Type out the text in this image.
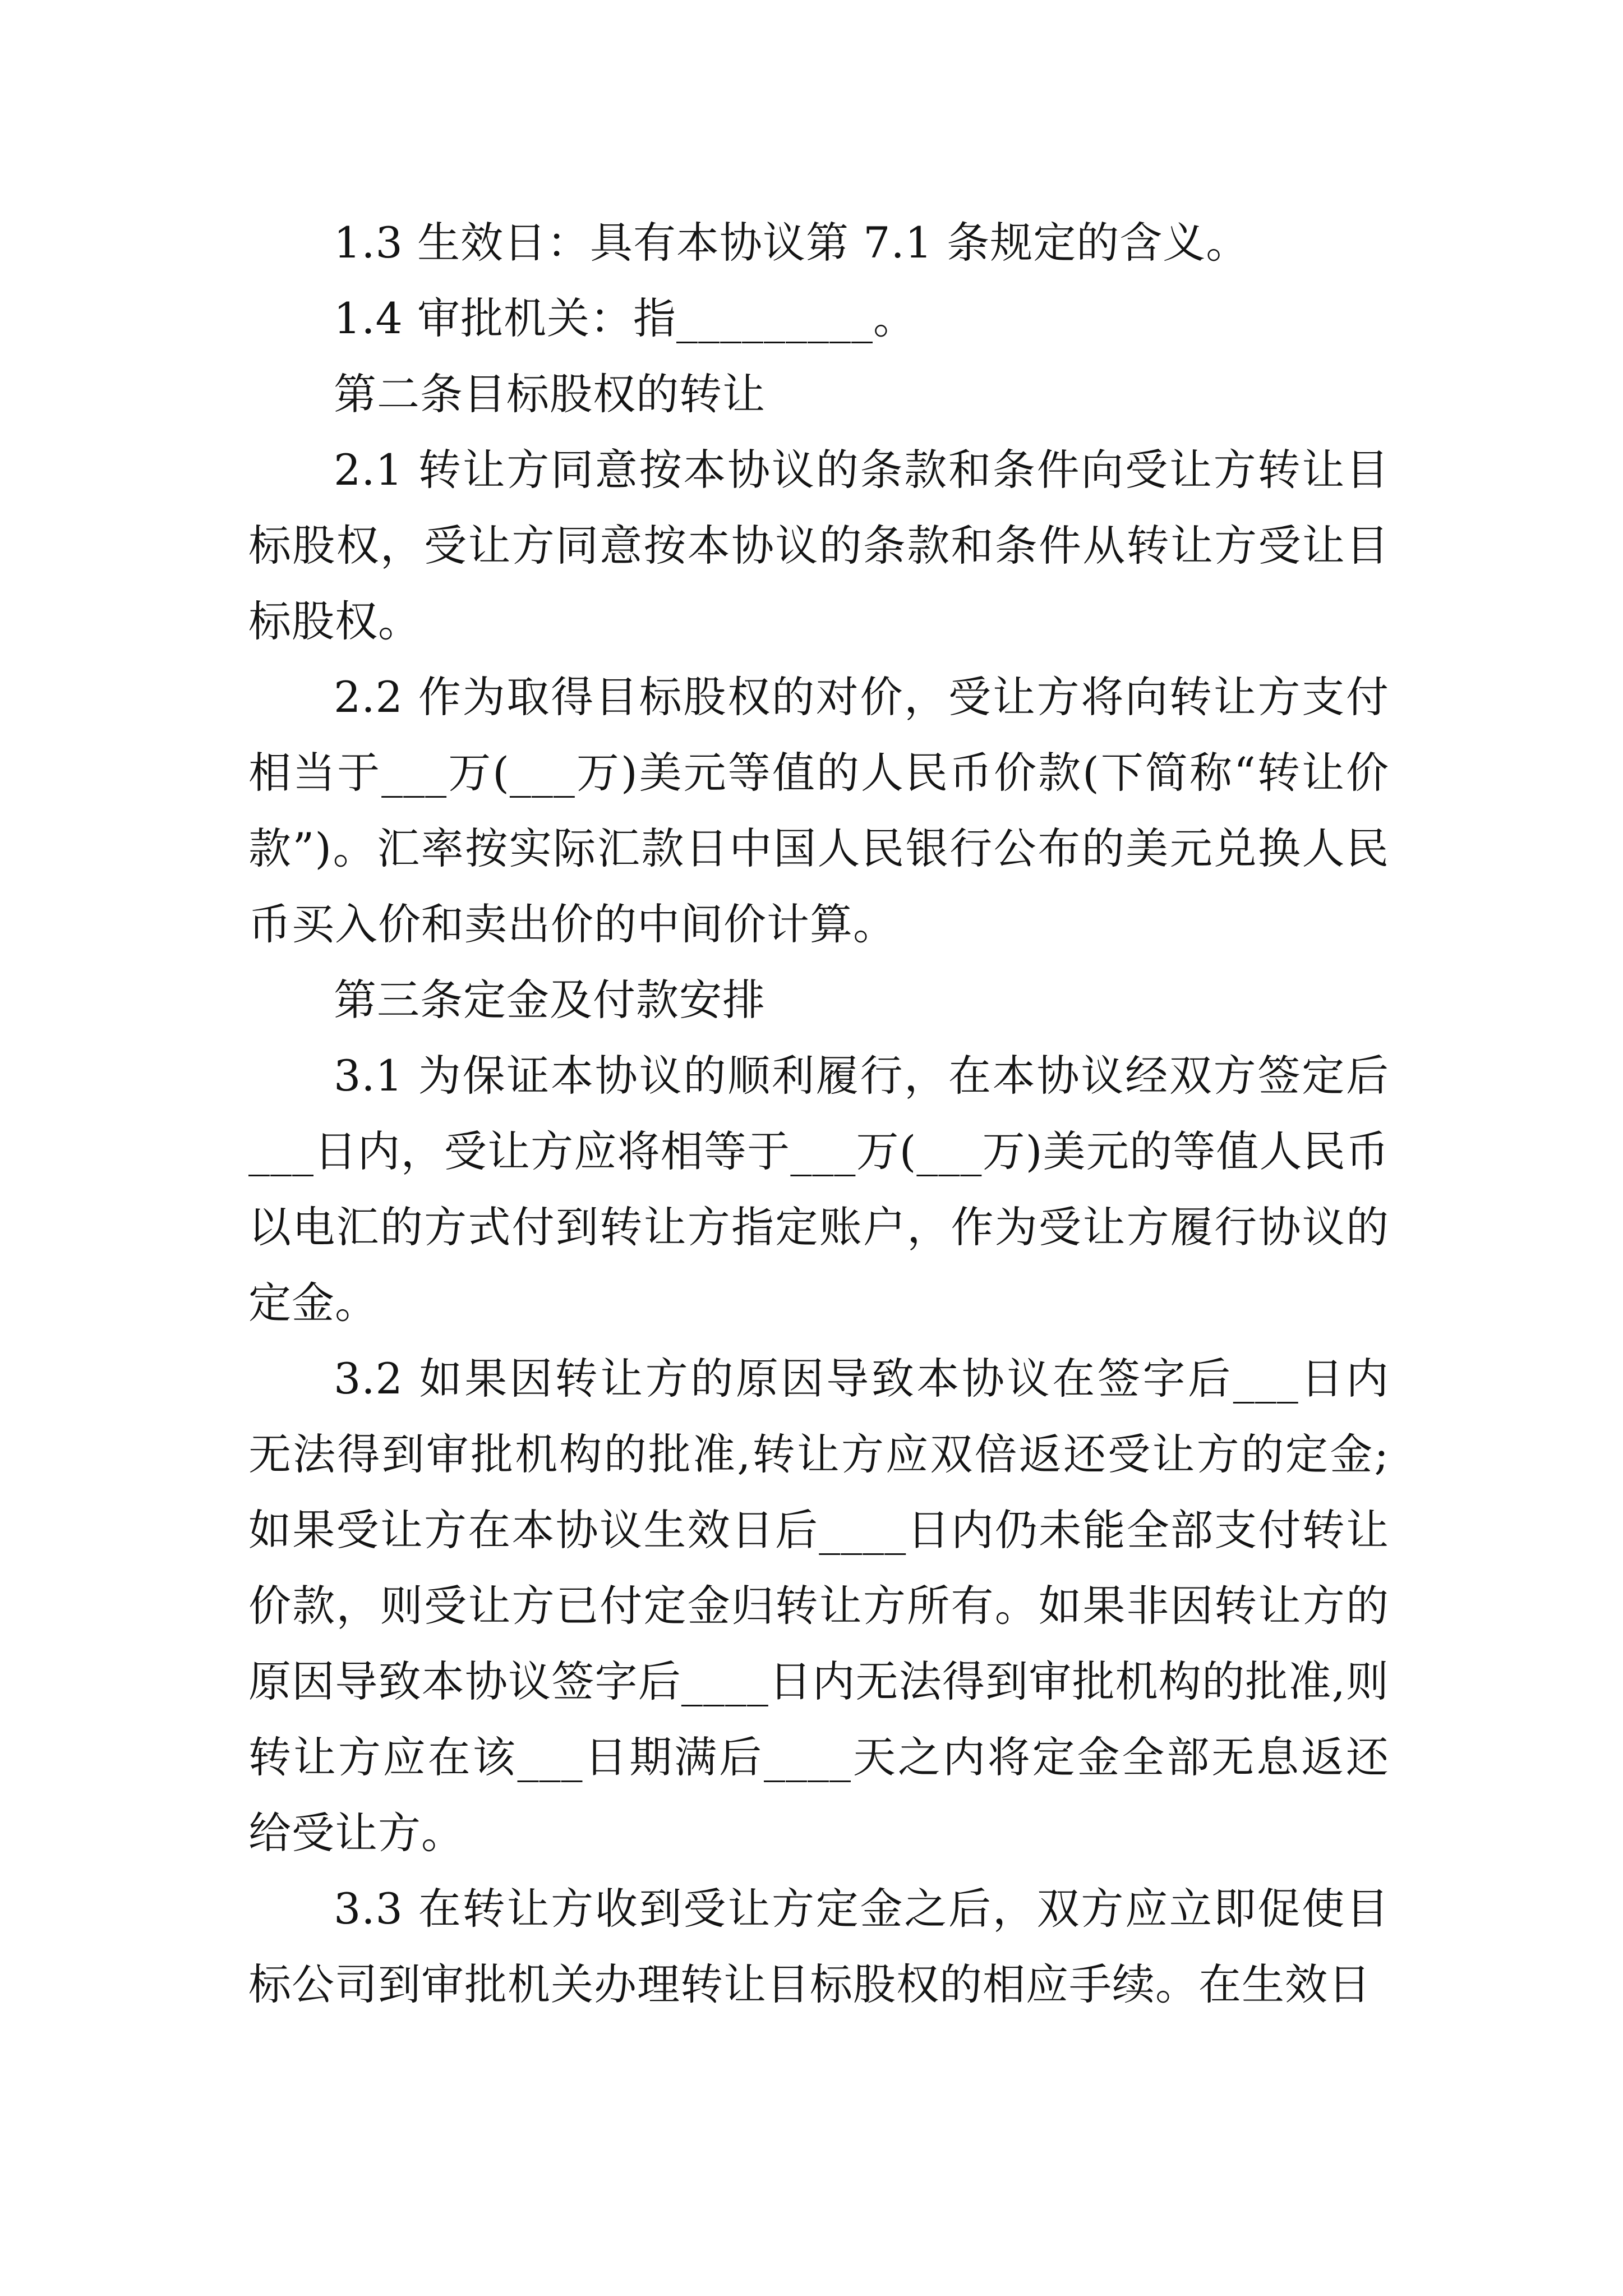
1.3 生效日：具有本协议第 7.1 条规定的含义。

1.4 审批机关：指_________。

第二条目标股权的转让

2.1 转让方同意按本协议的条款和条件向受让方转让目标股权，受让方同意按本协议的条款和条件从转让方受让目标股权。

2.2 作为取得目标股权的对价，受让方将向转让方支付相当于___万(___万)美元等值的人民币价款(下简称“转让价款”)。汇率按实际汇款日中国人民银行公布的美元兑换人民币买入价和卖出价的中间价计算。

第三条定金及付款安排

3.1 为保证本协议的顺利履行，在本协议经双方签定后___日内，受让方应将相等于___万(___万)美元的等值人民币以电汇的方式付到转让方指定账户，作为受让方履行协议的定金。

3.2 如果因转让方的原因导致本协议在签字后___日内无法得到审批机构的批准,转让方应双倍返还受让方的定金;如果受让方在本协议生效日后____日内仍未能全部支付转让价款，则受让方已付定金归转让方所有。如果非因转让方的原因导致本协议签字后____日内无法得到审批机构的批准,则转让方应在该___日期满后____天之内将定金全部无息返还给受让方。

3.3 在转让方收到受让方定金之后，双方应立即促使目标公司到审批机关办理转让目标股权的相应手续。在生效日
